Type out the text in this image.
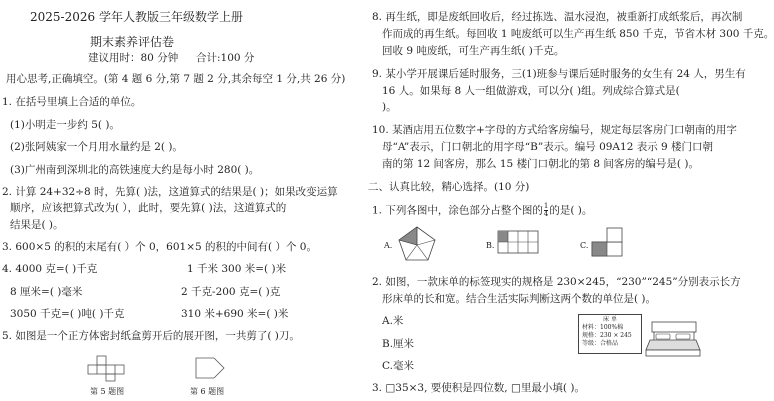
2025-2026 学年人教版三年级数学上册
期末素养评估卷
建议用时：80 分钟 合计:100 分
用心思考,正确填空。(第 4 题 6 分,第 7 题 2 分,其余每空 1 分,共 26 分)
1. 在括号里填上合适的单位。
(1)小明走一步约 5( )。
(2)张阿姨家一个月用水量约是 2( )。
(3)广州南到深圳北的高铁速度大约是每小时 280( )。
2. 计算 24+32÷8 时，先算( )法，这道算式的结果是( )；如果改变运算
顺序，应该把算式改为( ），此时，要先算( )法，这道算式的
结果是( )。
3. 600×5 的积的末尾有( ）个 0，601×5 的积的中间有( ）个 0。
4. 4000 克=( )千克	1 千米 300 米=( )米
8 厘米=( )毫米	2 千克-200 克=( )克
3050 千克=( )吨( )千克	310 米+690 米=( )米
5. 如图是一个正方体密封纸盒剪开后的展开图，一共剪了( )刀。
第 5 题图	第 6 题图
8. 再生纸，即是废纸回收后，经过拣选、温水浸泡，被重新打成纸浆后，再次制
作而成的再生纸。每回收 1 吨废纸可以生产再生纸 850 千克，节省木材 300 千克。
回收 9 吨废纸，可生产再生纸( )千克。
9. 某小学开展课后延时服务，三(1)班参与课后延时服务的女生有 24 人，男生有
16 人。如果每 8 人一组做游戏，可以分( )组。列成综合算式是(
)。
10. 某酒店用五位数字+字母的方式给客房编号，规定每层客房门口朝南的用字
母“A”表示，门口朝北的用字母“B”表示。编号 09A12 表示 9 楼门口朝
南的第 12 间客房，那么 15 楼门口朝北的第 8 间客房的编号是( )。
二、认真比较，精心选择。(10 分)
1. 下列各图中，涂色部分占整个图的 $\frac{1}{4}$ 的是( )。
A.	B.	C.
2. 如图，一款床单的标签现实的规格是 230×245，“230”“245”分别表示长方
形床单的长和宽。结合生活实际判断这两个数的单位是( )。
A.米
B.厘米
C.毫米
床 单
材料：100%棉
规格：230 × 245
等级：合格品
3. □35×3, 要使积是四位数, □里最小填( )。
